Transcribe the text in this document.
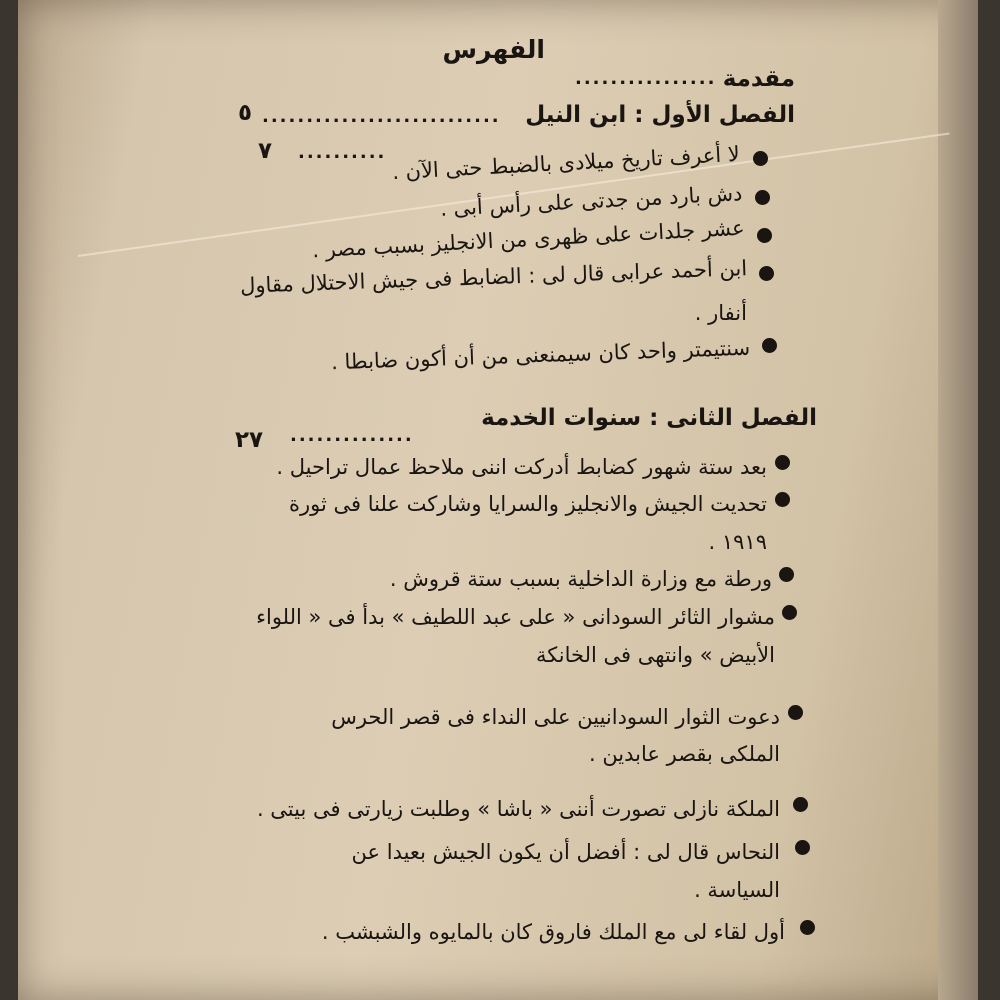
الفهرس
مقدمة
................
الفصل الأول : ابن النيل
...........................
٥
..........
٧	لا أعرف تاريخ ميلادى بالضبط حتى الآن .
دش بارد من جدتى على رأس أبى .
عشر جلدات على ظهرى من الانجليز بسبب مصر .
ابن أحمد عرابى قال لى : الضابط فى جيش الاحتلال مقاول
أنفار .
سنتيمتر واحد كان سيمنعنى من أن أكون ضابطا .
الفصل الثانى : سنوات الخدمة
..............
٢٧
بعد ستة شهور كضابط أدركت اننى ملاحظ عمال تراحيل .
تحديت الجيش والانجليز والسرايا وشاركت علنا فى ثورة
١٩١٩ .
ورطة مع وزارة الداخلية بسبب ستة قروش .
مشوار الثائر السودانى « على عبد اللطيف » بدأ فى « اللواء
الأبيض » وانتهى فى الخانكة
دعوت الثوار السودانيين على النداء فى قصر الحرس
الملكى بقصر عابدين .
الملكة نازلى تصورت أننى « باشا » وطلبت زيارتى فى بيتى .
النحاس قال لى : أفضل أن يكون الجيش بعيدا عن
السياسة .
أول لقاء لى مع الملك فاروق كان بالمايوه والشبشب .
